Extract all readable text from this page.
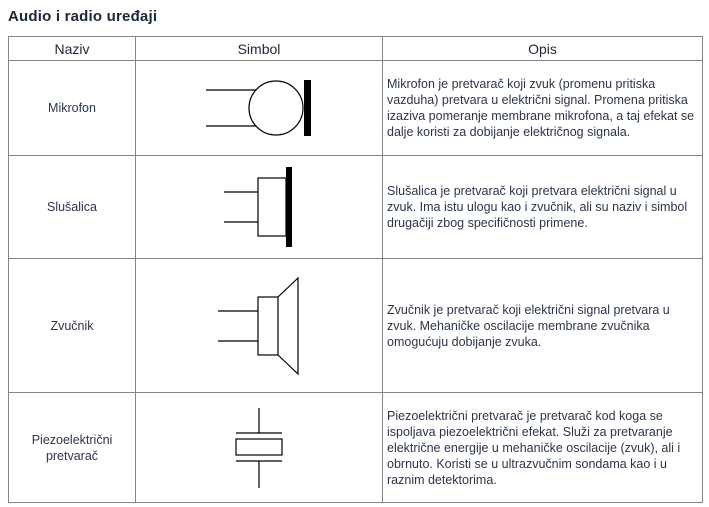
Audio i radio uređaji
Naziv	Simbol	Opis
Mikrofon		Mikrofon je pretvarač koji zvuk (promenu pritiska vazduha) pretvara u električni signal. Promena pritiska izaziva pomeranje membrane mikrofona, a taj efekat se dalje koristi za dobijanje električnog signala.
Slušalica		Slušalica je pretvarač koji pretvara električni signal u zvuk. Ima istu ulogu kao i zvučnik, ali su naziv i simbol drugačiji zbog specifičnosti primene.
Zvučnik		Zvučnik je pretvarač koji električni signal pretvara u zvuk. Mehaničke oscilacije membrane zvučnika omogućuju dobijanje zvuka.
Piezoelektrični pretvarač		Piezoelektrični pretvarač je pretvarač kod koga se ispoljava piezoelektrični efekat. Služi za pretvaranje električne energije u mehaničke oscilacije (zvuk), ali i obrnuto. Koristi se u ultrazvučnim sondama kao i u raznim detektorima.
